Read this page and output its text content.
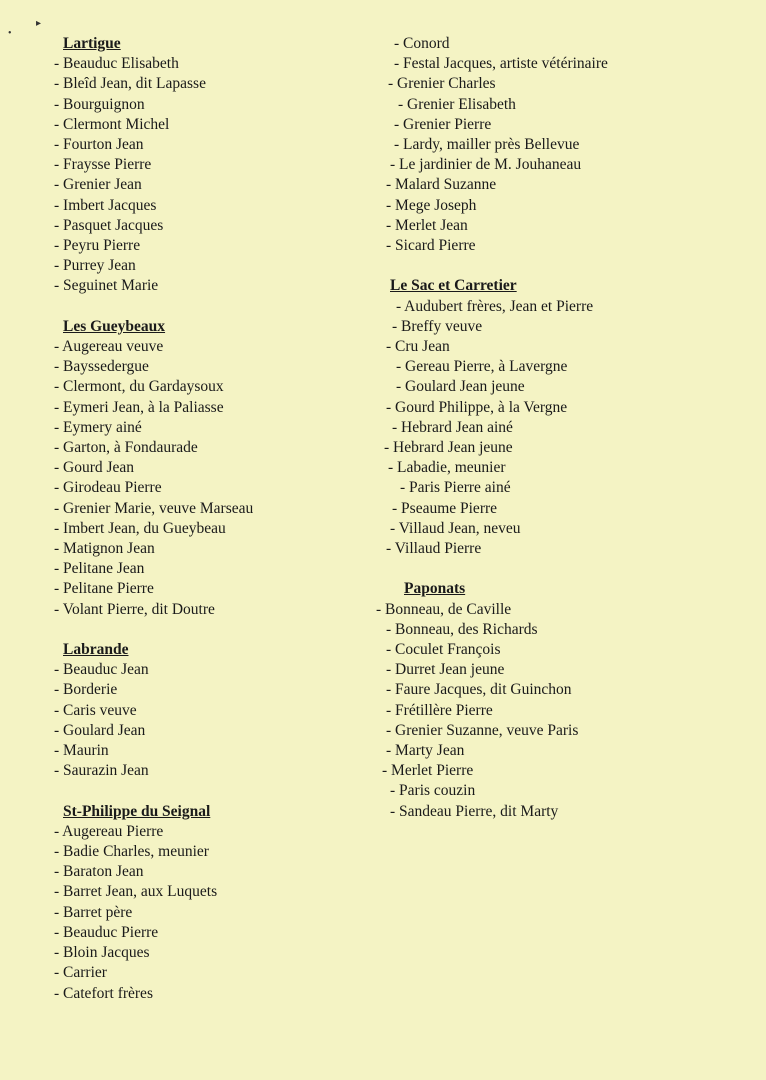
▸
•
Lartigue
- Beauduc Elisabeth
- Bleîd Jean, dit Lapasse
- Bourguignon
- Clermont Michel
- Fourton Jean
- Fraysse Pierre
- Grenier Jean
- Imbert Jacques
- Pasquet Jacques
- Peyru Pierre
- Purrey Jean
- Seguinet Marie
Les Gueybeaux
- Augereau veuve
- Bayssedergue
- Clermont, du Gardaysoux
- Eymeri Jean, à la Paliasse
- Eymery ainé
- Garton, à Fondaurade
- Gourd Jean
- Girodeau Pierre
- Grenier Marie, veuve Marseau
- Imbert Jean, du Gueybeau
- Matignon Jean
- Pelitane Jean
- Pelitane Pierre
- Volant Pierre, dit Doutre
Labrande
- Beauduc Jean
- Borderie
- Caris veuve
- Goulard Jean
- Maurin
- Saurazin Jean
St-Philippe du Seignal
- Augereau Pierre
- Badie Charles, meunier
- Baraton Jean
- Barret Jean, aux Luquets
- Barret père
- Beauduc Pierre
- Bloin Jacques
- Carrier
- Catefort frères
- Conord
- Festal Jacques, artiste vétérinaire
- Grenier Charles
- Grenier Elisabeth
- Grenier Pierre
- Lardy, mailler près Bellevue
- Le jardinier de M. Jouhaneau
- Malard Suzanne
- Mege Joseph
- Merlet Jean
- Sicard Pierre
Le Sac et Carretier
- Audubert frères, Jean et Pierre
- Breffy veuve
- Cru Jean
- Gereau Pierre, à Lavergne
- Goulard Jean jeune
- Gourd Philippe, à la Vergne
- Hebrard Jean ainé
- Hebrard Jean jeune
- Labadie, meunier
- Paris Pierre ainé
- Pseaume Pierre
- Villaud Jean, neveu
- Villaud Pierre
Paponats
- Bonneau, de Caville
- Bonneau, des Richards
- Coculet François
- Durret Jean jeune
- Faure Jacques, dit Guinchon
- Frétillère Pierre
- Grenier Suzanne, veuve Paris
- Marty Jean
- Merlet Pierre
- Paris couzin
- Sandeau Pierre, dit Marty
